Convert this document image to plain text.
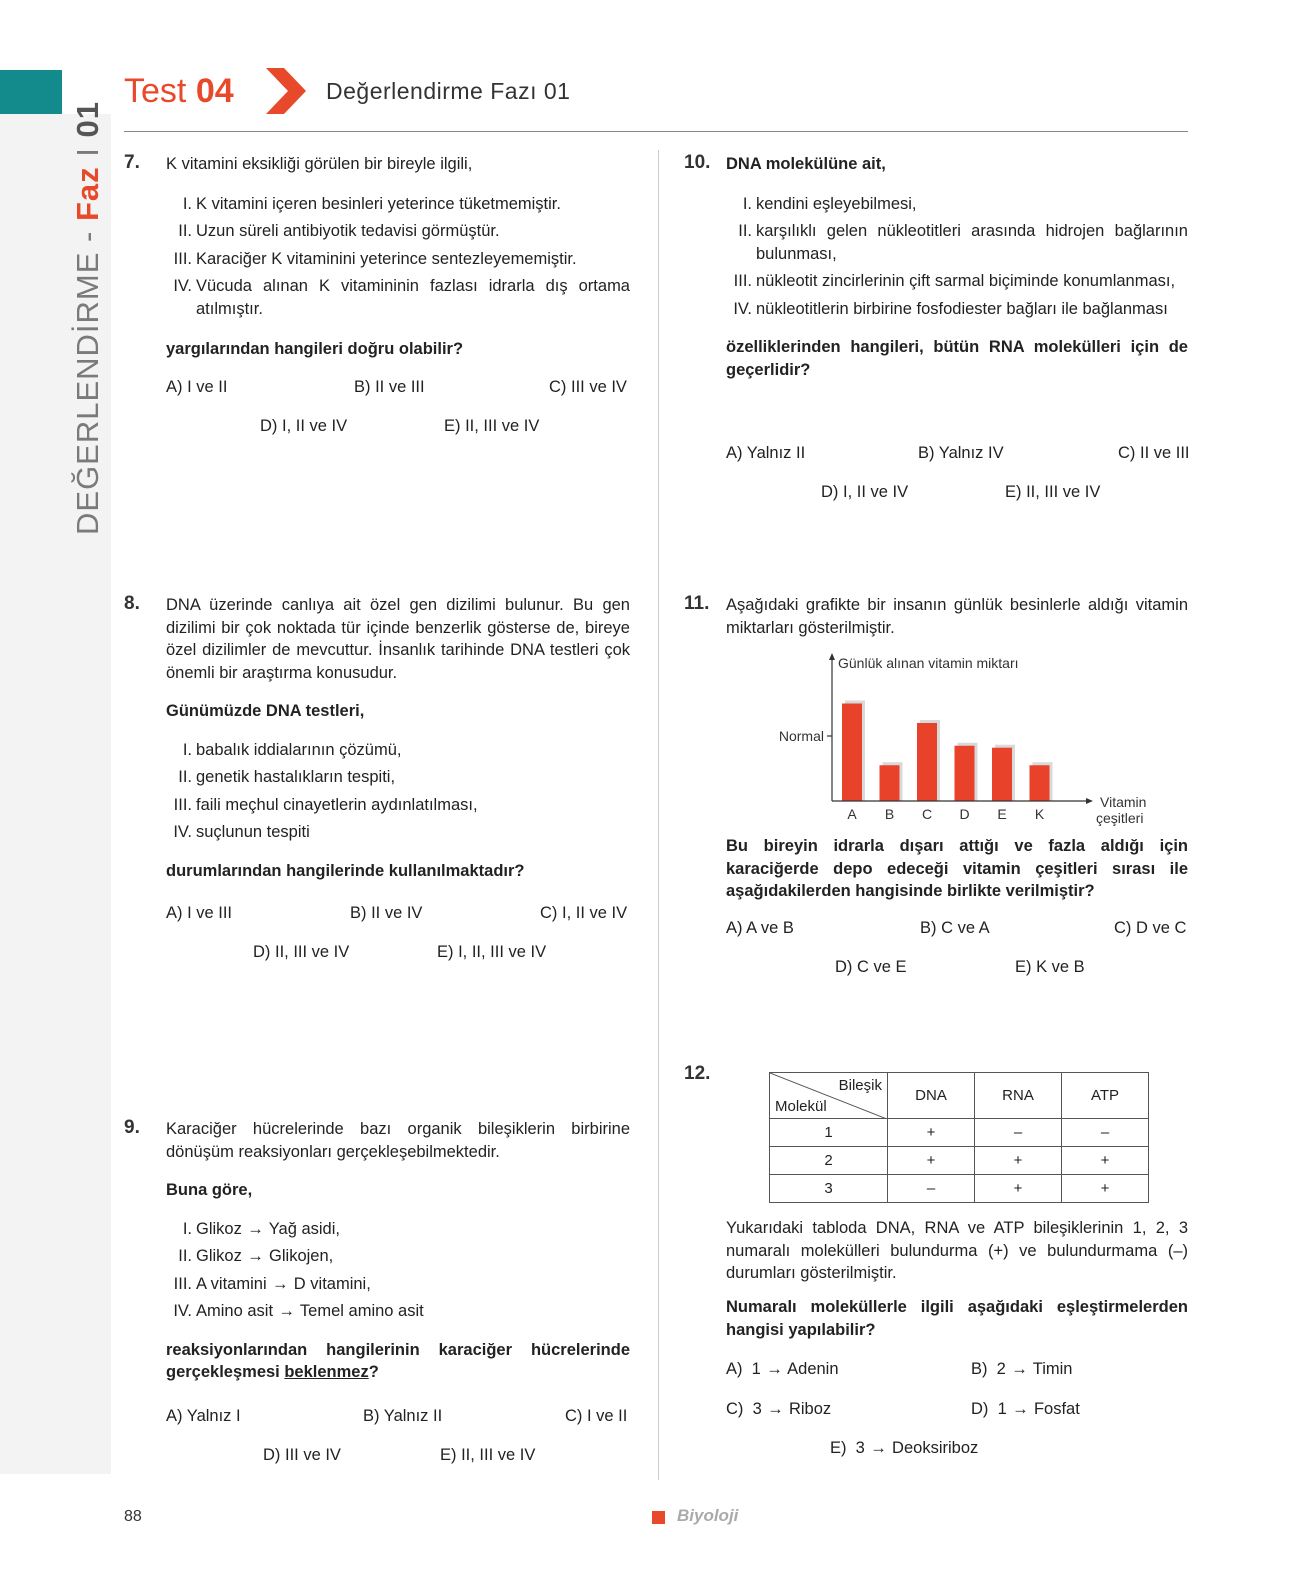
DEĞERLENDİRME - Faz I 01
Test 04	Değerlendirme Fazı 01
7. K vitamini eksikliği görülen bir bireyle ilgili,
I. K vitamini içeren besinleri yeterince tüketmemiştir.
II. Uzun süreli antibiyotik tedavisi görmüştür.
III. Karaciğer K vitaminini yeterince sentezleyememiştir.
IV. Vücuda alınan K vitamininin fazlası idrarla dış ortama atılmıştır.
yargılarından hangileri doğru olabilir?
A) I ve II	B) II ve III	C) III ve IV
D) I, II ve IV	E) II, III ve IV
8. DNA üzerinde canlıya ait özel gen dizilimi bulunur. Bu gen dizilimi bir çok noktada tür içinde benzerlik gösterse de, bireye özel dizilimler de mevcuttur. İnsanlık tarihinde DNA testleri çok önemli bir araştırma konusudur.
Günümüzde DNA testleri,
I. babalık iddialarının çözümü,
II. genetik hastalıkların tespiti,
III. faili meçhul cinayetlerin aydınlatılması,
IV. suçlunun tespiti
durumlarından hangilerinde kullanılmaktadır?
A) I ve III	B) II ve IV	C) I, II ve IV
D) II, III ve IV	E) I, II, III ve IV
9. Karaciğer hücrelerinde bazı organik bileşiklerin birbirine dönüşüm reaksiyonları gerçekleşebilmektedir.
Buna göre,
I. Glikoz → Yağ asidi,
II. Glikoz → Glikojen,
III. A vitamini → D vitamini,
IV. Amino asit → Temel amino asit
reaksiyonlarından hangilerinin karaciğer hücrelerinde gerçekleşmesi beklenmez?
A) Yalnız I	B) Yalnız II	C) I ve II
D) III ve IV	E) II, III ve IV
10. DNA molekülüne ait,
I. kendini eşleyebilmesi,
II. karşılıklı gelen nükleotitleri arasında hidrojen bağlarının bulunması,
III. nükleotit zincirlerinin çift sarmal biçiminde konumlanması,
IV. nükleotitlerin birbirine fosfodiester bağları ile bağlanması
özelliklerinden hangileri, bütün RNA molekülleri için de geçerlidir?
A) Yalnız II	B) Yalnız IV	C) II ve III
D) I, II ve IV	E) II, III ve IV
11. Aşağıdaki grafikte bir insanın günlük besinlerle aldığı vitamin miktarları gösterilmiştir.
Günlük alınan vitamin miktarı
Vitamin
çeşitleri
Normal
A B C D E K
Bu bireyin idrarla dışarı attığı ve fazla aldığı için karaciğerde depo edeceği vitamin çeşitleri sırası ile aşağıdakilerden hangisinde birlikte verilmiştir?
A) A ve B	B) C ve A	C) D ve C
D) C ve E	E) K ve B
12.
Bileşik
Molekül	DNA	RNA	ATP
1	+	–	–
2	+	+	+
3	–	+	+
Yukarıdaki tabloda DNA, RNA ve ATP bileşiklerinin 1, 2, 3 numaralı molekülleri bulundurma (+) ve bulundurmama (–) durumları gösterilmiştir.
Numaralı moleküllerle ilgili aşağıdaki eşleştirmelerden hangisi yapılabilir?
A) 1 → Adenin	B) 2 → Timin
C) 3 → Riboz	D) 1 → Fosfat
E) 3 → Deoksiriboz
88	Biyoloji
